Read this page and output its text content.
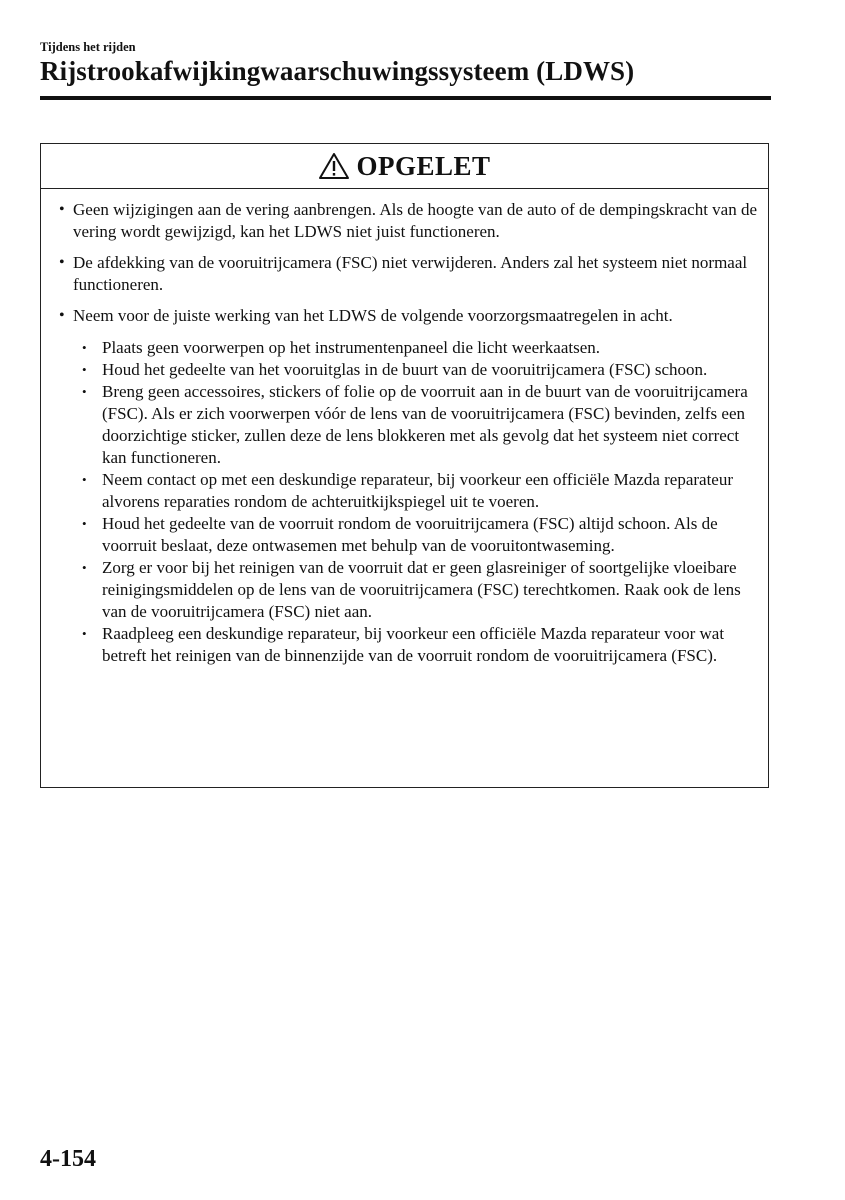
Tijdens het rijden
Rijstrookafwijkingwaarschuwingssysteem (LDWS)
OPGELET
• Geen wijzigingen aan de vering aanbrengen. Als de hoogte van de auto of de dempingskracht van de vering wordt gewijzigd, kan het LDWS niet juist functioneren.
• De afdekking van de vooruitrijcamera (FSC) niet verwijderen. Anders zal het systeem niet normaal functioneren.
• Neem voor de juiste werking van het LDWS de volgende voorzorgsmaatregelen in acht.
• Plaats geen voorwerpen op het instrumentenpaneel die licht weerkaatsen.
• Houd het gedeelte van het vooruitglas in de buurt van de vooruitrijcamera (FSC) schoon.
• Breng geen accessoires, stickers of folie op de voorruit aan in de buurt van de vooruitrijcamera (FSC). Als er zich voorwerpen vóór de lens van de vooruitrijcamera (FSC) bevinden, zelfs een doorzichtige sticker, zullen deze de lens blokkeren met als gevolg dat het systeem niet correct kan functioneren.
• Neem contact op met een deskundige reparateur, bij voorkeur een officiële Mazda reparateur alvorens reparaties rondom de achteruitkijkspiegel uit te voeren.
• Houd het gedeelte van de voorruit rondom de vooruitrijcamera (FSC) altijd schoon. Als de voorruit beslaat, deze ontwasemen met behulp van de vooruitontwaseming.
• Zorg er voor bij het reinigen van de voorruit dat er geen glasreiniger of soortgelijke vloeibare reinigingsmiddelen op de lens van de vooruitrijcamera (FSC) terechtkomen. Raak ook de lens van de vooruitrijcamera (FSC) niet aan.
• Raadpleeg een deskundige reparateur, bij voorkeur een officiële Mazda reparateur voor wat betreft het reinigen van de binnenzijde van de voorruit rondom de vooruitrijcamera (FSC).
4-154
